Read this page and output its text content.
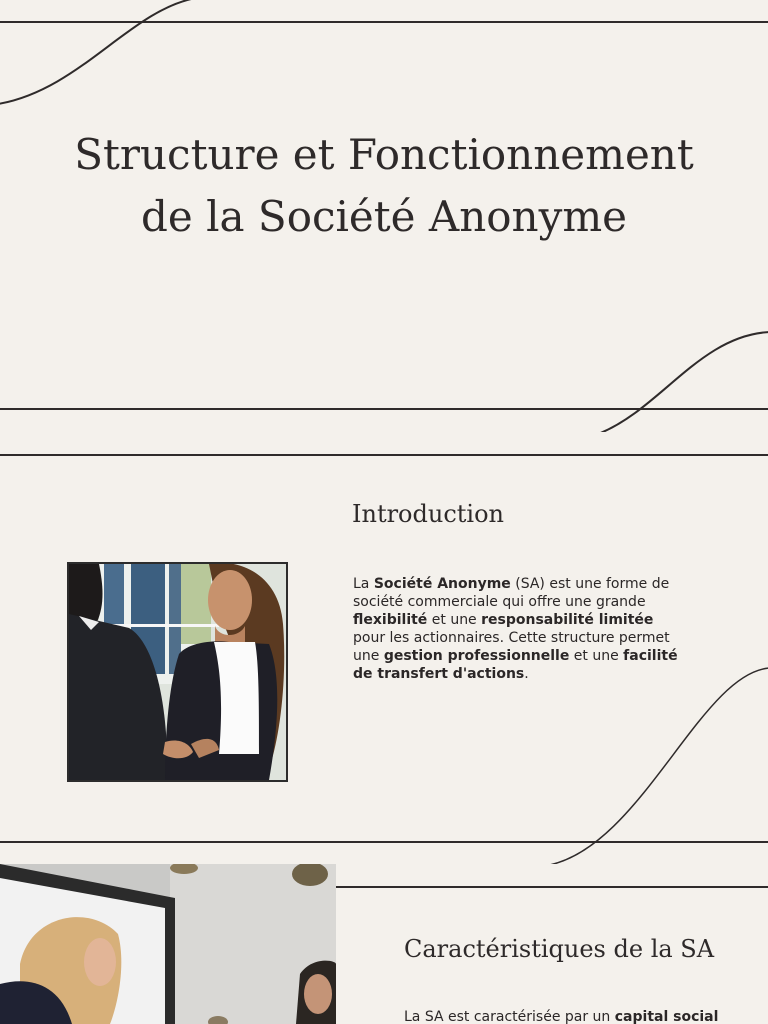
Structure et Fonctionnement
de la Société Anonyme
Introduction

La Société Anonyme (SA) est une forme de société commerciale qui offre une grande flexibilité et une responsabilité limitée pour les actionnaires. Cette structure permet une gestion professionnelle et une facilité de transfert d'actions.

Caractéristiques de la SA

La SA est caractérisée par un capital social
